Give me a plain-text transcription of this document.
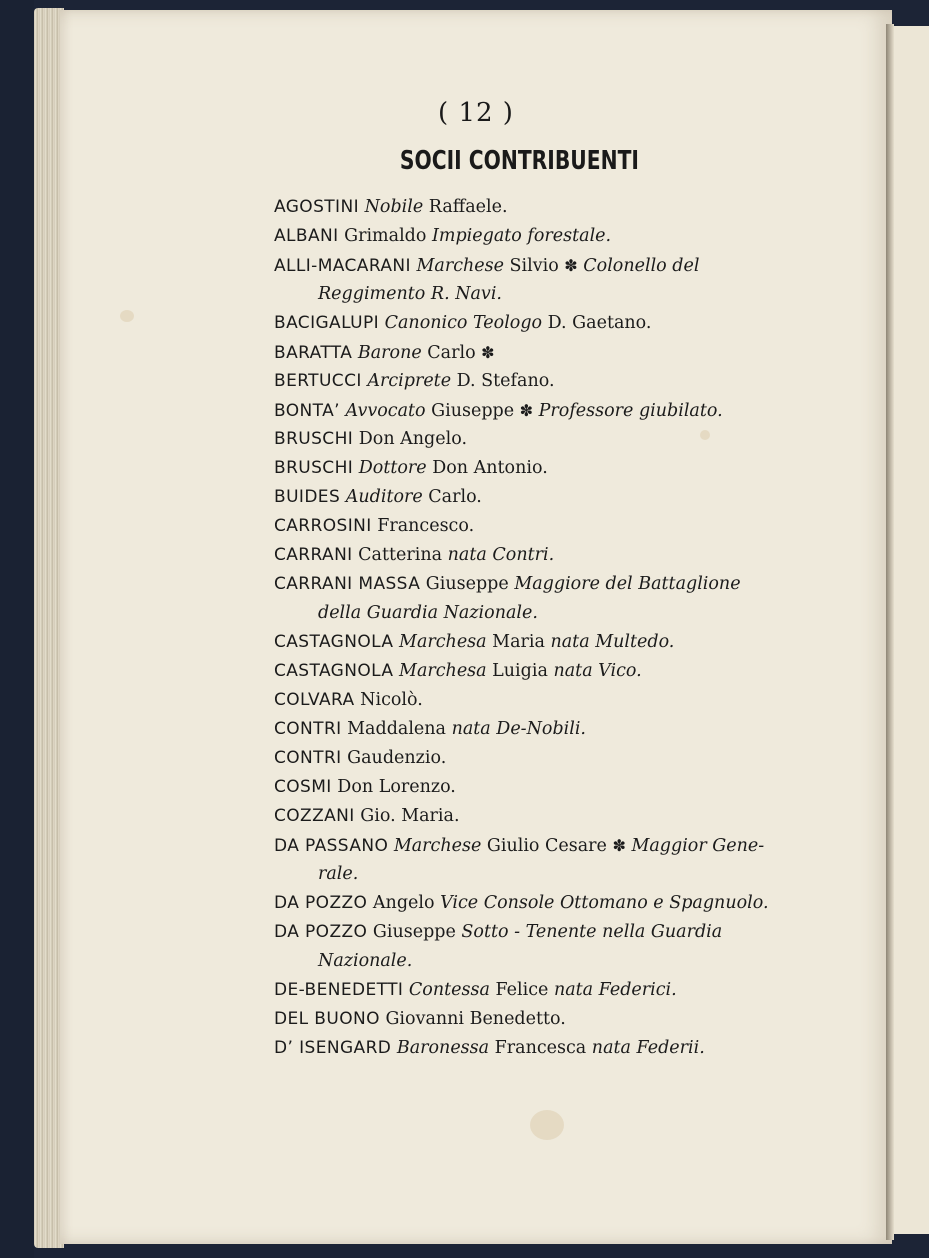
( 12 )
SOCII CONTRIBUENTI
AGOSTINI Nobile Raffaele.
ALBANI Grimaldo Impiegato forestale.
ALLI-MACARANI Marchese Silvio ✽ Colonello del
Reggimento R. Navi.
BACIGALUPI Canonico Teologo D. Gaetano.
BARATTA Barone Carlo ✽
BERTUCCI Arciprete D. Stefano.
BONTA’ Avvocato Giuseppe ✽ Professore giubilato.
BRUSCHI Don Angelo.
BRUSCHI Dottore Don Antonio.
BUIDES Auditore Carlo.
CARROSINI Francesco.
CARRANI Catterina nata Contri.
CARRANI MASSA Giuseppe Maggiore del Battaglione
della Guardia Nazionale.
CASTAGNOLA Marchesa Maria nata Multedo.
CASTAGNOLA Marchesa Luigia nata Vico.
COLVARA Nicolò.
CONTRI Maddalena nata De-Nobili.
CONTRI Gaudenzio.
COSMI Don Lorenzo.
COZZANI Gio. Maria.
DA PASSANO Marchese Giulio Cesare ✽ Maggior Gene-
rale.
DA POZZO Angelo Vice Console Ottomano e Spagnuolo.
DA POZZO Giuseppe Sotto - Tenente nella Guardia
Nazionale.
DE-BENEDETTI Contessa Felice nata Federici.
DEL BUONO Giovanni Benedetto.
D’ ISENGARD Baronessa Francesca nata Federii.
